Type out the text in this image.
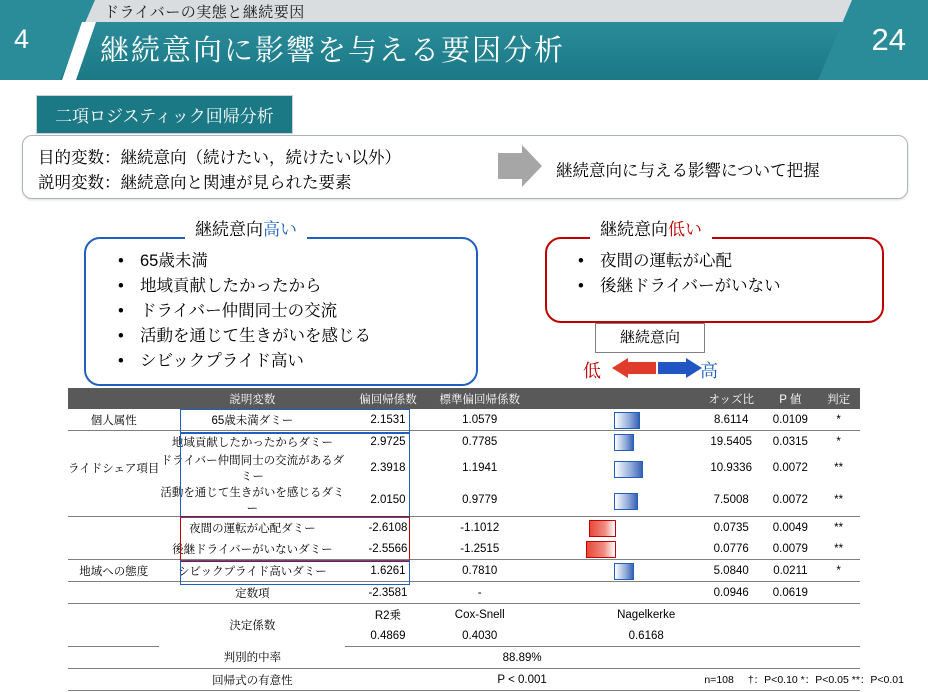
4	24
ドライバーの実態と継続要因
継続意向に影響を与える要因分析
二項ロジスティック回帰分析
目的変数：継続意向（続けたい，続けたい以外）
説明変数：継続意向と関連が見られた要素
継続意向に与える影響について把握
継続意向高い
• 65歳未満
• 地域貢献したかったから
• ドライバー仲間同士の交流
• 活動を通じて生きがいを感じる
• シビックプライド高い
継続意向低い
• 夜間の運転が心配
• 後継ドライバーがいない
継続意向
低	高
	説明変数	偏回帰係数	標準偏回帰係数		オッズ比	P 値	判定
個人属性	65歳未満ダミー	2.1531	1.0579		8.6114	0.0109	*
	地域貢献したかったからダミー	2.9725	0.7785		19.5405	0.0315	*
ライドシェア項目	ドライバー仲間同士の交流があるダミー	2.3918	1.1941		10.9336	0.0072	**
	活動を通じて生きがいを感じるダミー	2.0150	0.9779		7.5008	0.0072	**
	夜間の運転が心配ダミー	-2.6108	-1.1012		0.0735	0.0049	**
	後継ドライバーがいないダミー	-2.5566	-1.2515		0.0776	0.0079	**
地域への態度	シビックプライド高いダミー	1.6261	0.7810		5.0840	0.0211	*
	定数項	-2.3581	-		0.0946	0.0619	
	決定係数	R2乗	Cox-Snell	Nagelkerke			
		0.4869	0.4030	0.6168			
	判別的中率	88.89%					
	回帰式の有意性	P < 0.001						n=108 †：P<0.10 *：P<0.05 **：P<0.01
